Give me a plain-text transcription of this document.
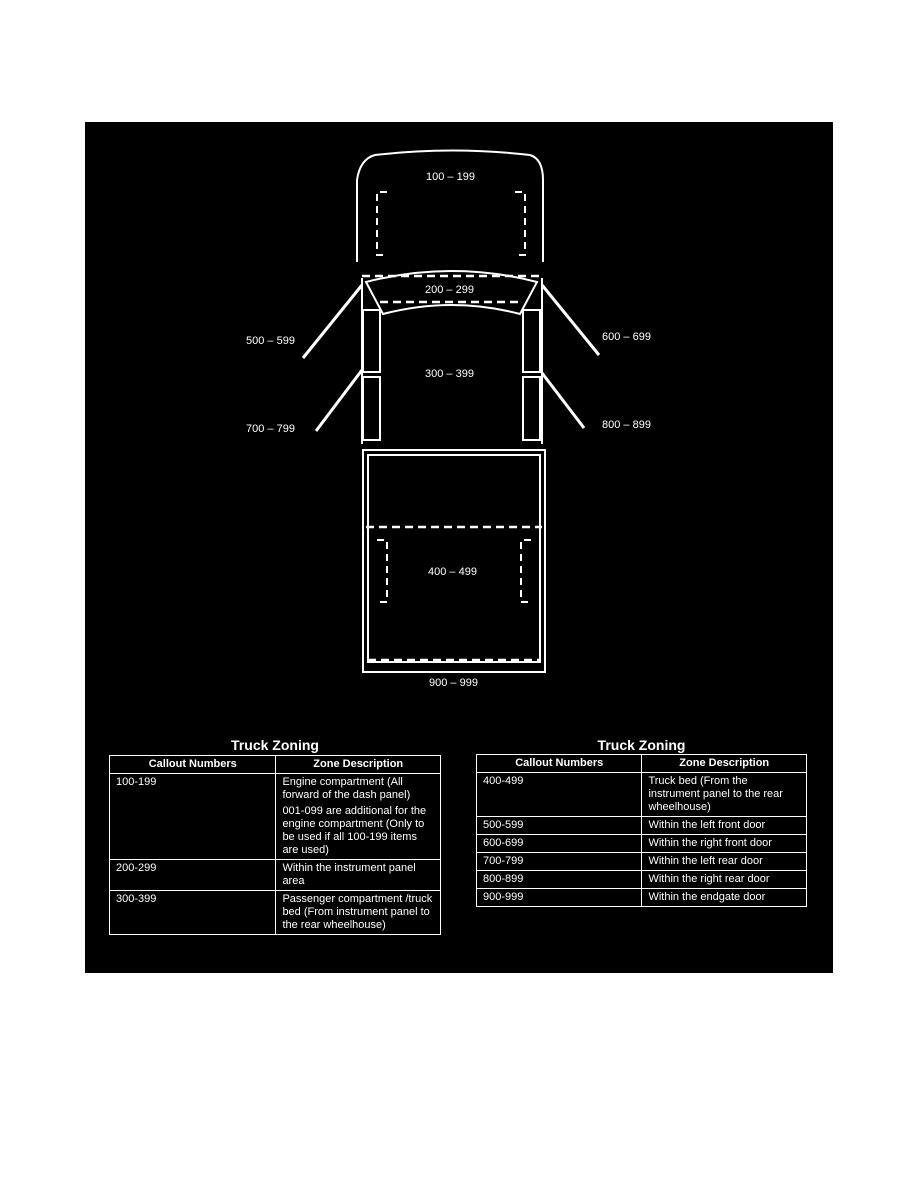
100 – 199
200 – 299
300 – 399
400 – 499
500 – 599	600 – 699
700 – 799	800 – 899
900 – 999
Truck Zoning
Callout Numbers	Zone Description
100-199	Engine compartment (All forward of the dash panel)
001-099 are additional for the engine compartment (Only to be used if all 100-199 items are used)

200-299	Within the instrument panel area
300-399	Passenger compartment /truck bed (From instrument panel to the rear wheelhouse)
Truck Zoning
Callout Numbers	Zone Description
400-499	Truck bed (From the instrument panel to the rear wheelhouse)
500-599	Within the left front door
600-699	Within the right front door
700-799	Within the left rear door
800-899	Within the right rear door
900-999	Within the endgate door
